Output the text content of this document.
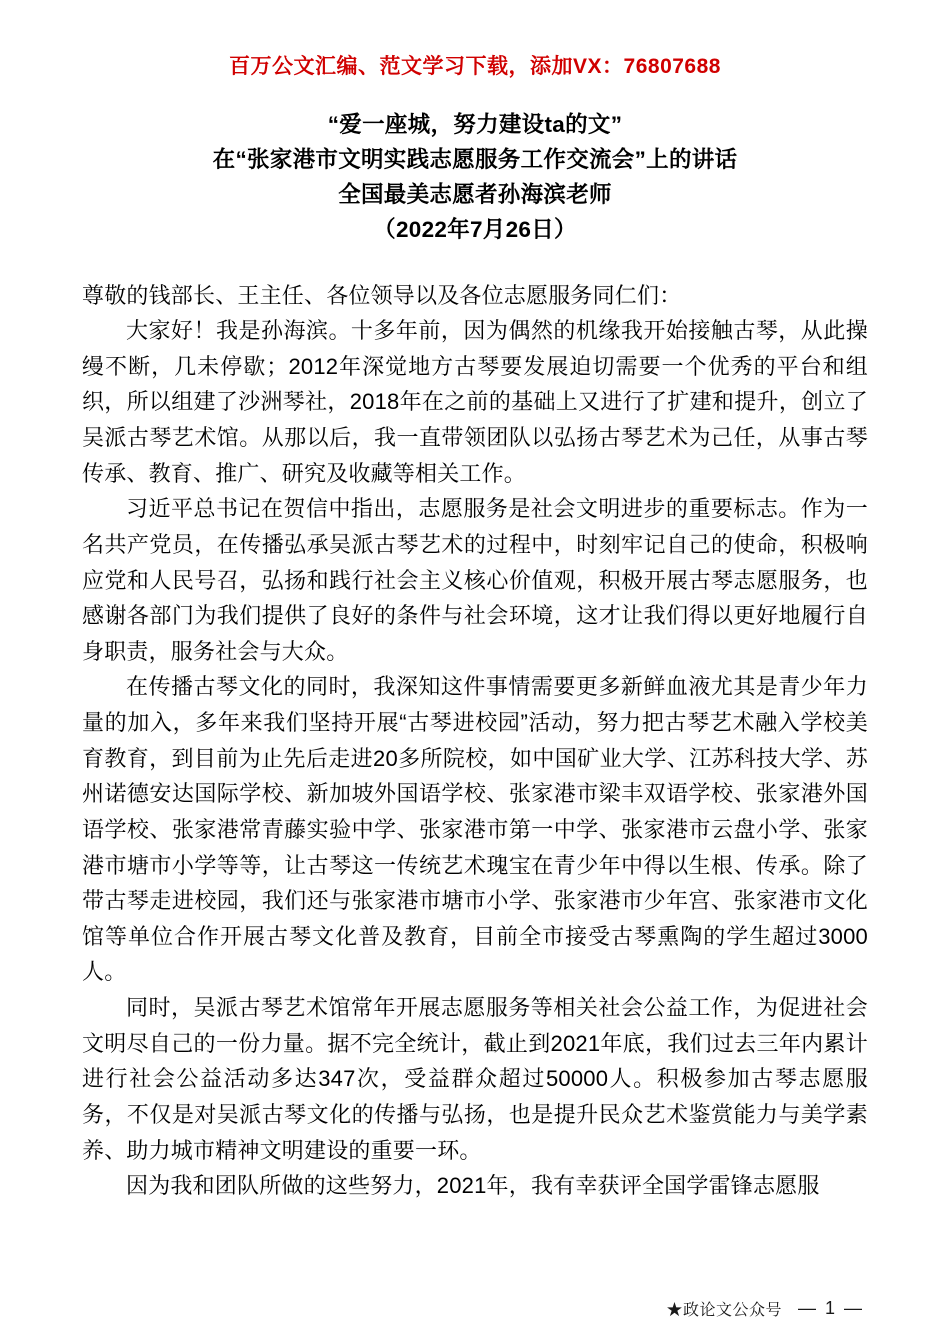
百万公文汇编、范文学习下载，添加VX：76807688
“爱一座城，努力建设ta的文”
在“张家港市文明实践志愿服务工作交流会”上的讲话
全国最美志愿者孙海滨老师
（2022年7月26日）

尊敬的钱部长、王主任、各位领导以及各位志愿服务同仁们：

大家好！我是孙海滨。十多年前，因为偶然的机缘我开始接触古琴，从此操缦不断，几未停歇；2012年深觉地方古琴要发展迫切需要一个优秀的平台和组织，所以组建了沙洲琴社，2018年在之前的基础上又进行了扩建和提升，创立了吴派古琴艺术馆。从那以后，我一直带领团队以弘扬古琴艺术为己任，从事古琴传承、教育、推广、研究及收藏等相关工作。

习近平总书记在贺信中指出，志愿服务是社会文明进步的重要标志。作为一名共产党员，在传播弘承吴派古琴艺术的过程中，时刻牢记自己的使命，积极响应党和人民号召，弘扬和践行社会主义核心价值观，积极开展古琴志愿服务，也感谢各部门为我们提供了良好的条件与社会环境，这才让我们得以更好地履行自身职责，服务社会与大众。

在传播古琴文化的同时，我深知这件事情需要更多新鲜血液尤其是青少年力量的加入，多年来我们坚持开展“古琴进校园”活动，努力把古琴艺术融入学校美育教育，到目前为止先后走进20多所院校，如中国矿业大学、江苏科技大学、苏州诺德安达国际学校、新加坡外国语学校、张家港市梁丰双语学校、张家港外国语学校、张家港常青藤实验中学、张家港市第一中学、张家港市云盘小学、张家港市塘市小学等等，让古琴这一传统艺术瑰宝在青少年中得以生根、传承。除了带古琴走进校园，我们还与张家港市塘市小学、张家港市少年宫、张家港市文化馆等单位合作开展古琴文化普及教育，目前全市接受古琴熏陶的学生超过3000人。

同时，吴派古琴艺术馆常年开展志愿服务等相关社会公益工作，为促进社会文明尽自己的一份力量。据不完全统计，截止到2021年底，我们过去三年内累计进行社会公益活动多达347次，受益群众超过50000人。积极参加古琴志愿服务，不仅是对吴派古琴文化的传播与弘扬，也是提升民众艺术鉴赏能力与美学素养、助力城市精神文明建设的重要一环。

因为我和团队所做的这些努力，2021年，我有幸获评全国学雷锋志愿服

★政论文公众号 — 1 —
